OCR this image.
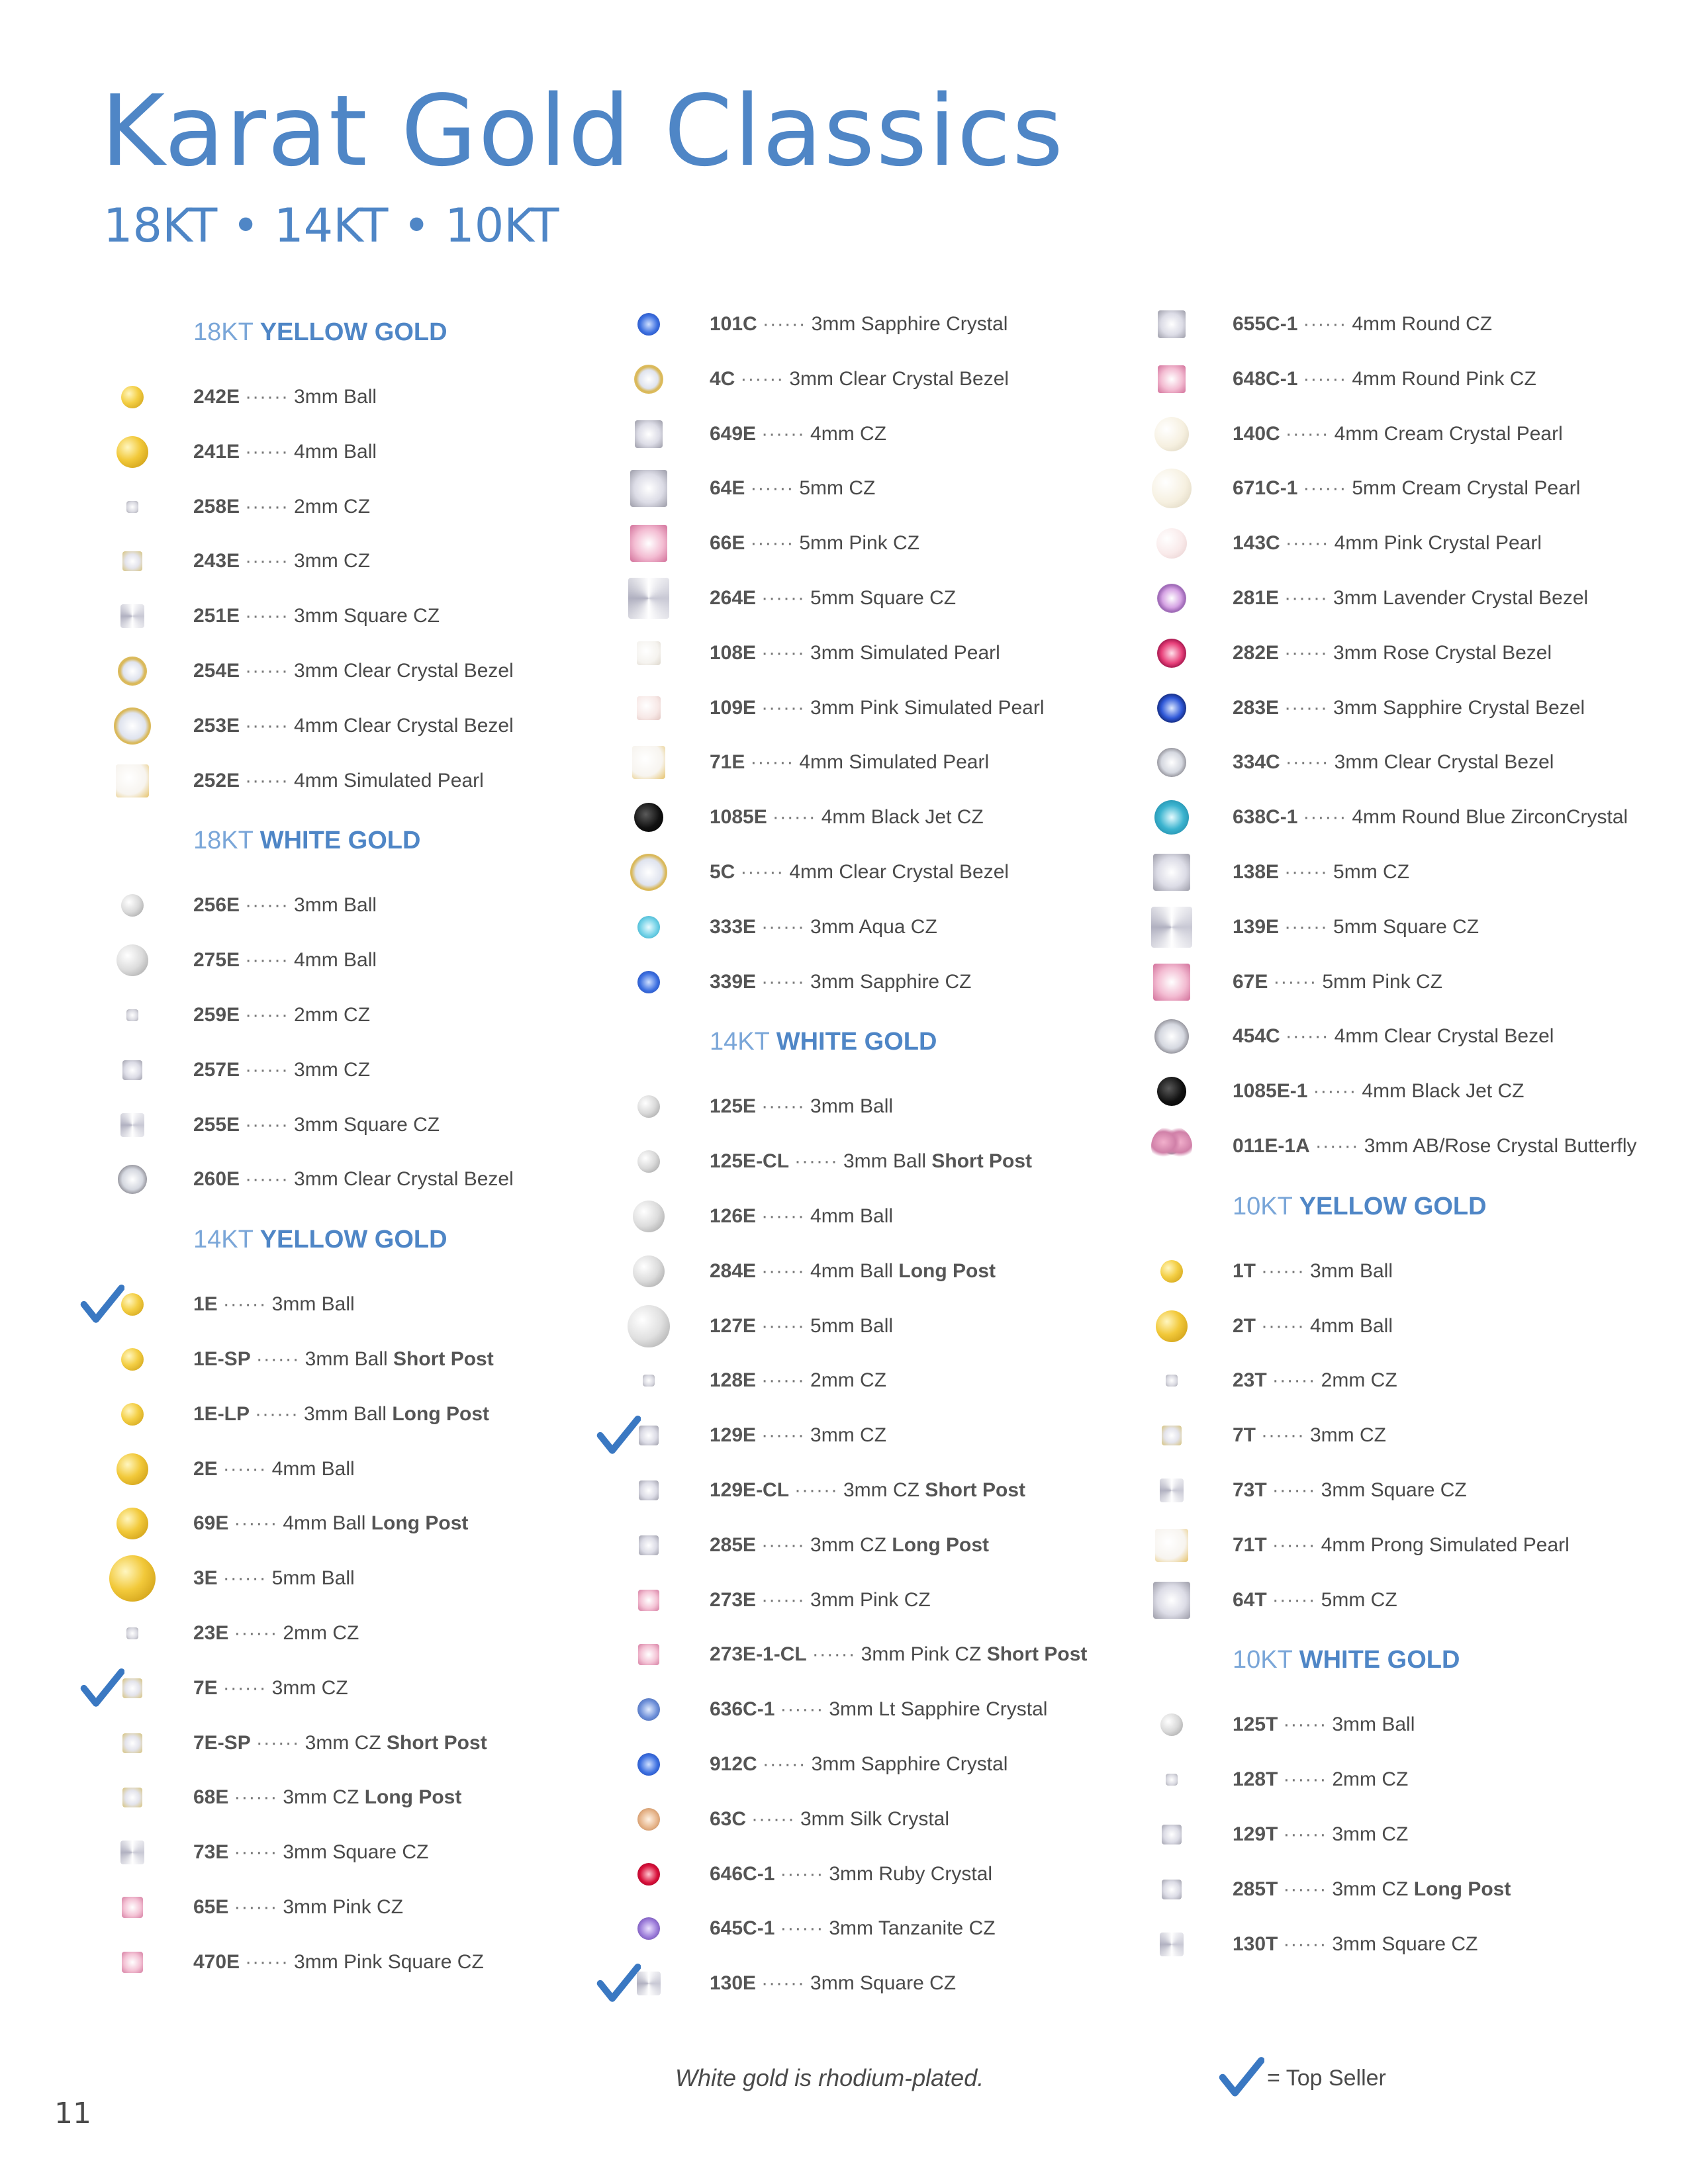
Karat Gold Classics
18KT • 14KT • 10KT
18KT YELLOW GOLD
242E ······ 3mm Ball
241E ······ 4mm Ball
258E ······ 2mm CZ
243E ······ 3mm CZ
251E ······ 3mm Square CZ
254E ······ 3mm Clear Crystal Bezel
253E ······ 4mm Clear Crystal Bezel
252E ······ 4mm Simulated Pearl
18KT WHITE GOLD
256E ······ 3mm Ball
275E ······ 4mm Ball
259E ······ 2mm CZ
257E ······ 3mm CZ
255E ······ 3mm Square CZ
260E ······ 3mm Clear Crystal Bezel
14KT YELLOW GOLD
1E ······ 3mm Ball
1E-SP ······ 3mm Ball Short Post
1E-LP ······ 3mm Ball Long Post
2E ······ 4mm Ball
69E ······ 4mm Ball Long Post
3E ······ 5mm Ball
23E ······ 2mm CZ
7E ······ 3mm CZ
7E-SP ······ 3mm CZ Short Post
68E ······ 3mm CZ Long Post
73E ······ 3mm Square CZ
65E ······ 3mm Pink CZ
470E ······ 3mm Pink Square CZ
101C ······ 3mm Sapphire Crystal
4C ······ 3mm Clear Crystal Bezel
649E ······ 4mm CZ
64E ······ 5mm CZ
66E ······ 5mm Pink CZ
264E ······ 5mm Square CZ
108E ······ 3mm Simulated Pearl
109E ······ 3mm Pink Simulated Pearl
71E ······ 4mm Simulated Pearl
1085E ······ 4mm Black Jet CZ
5C ······ 4mm Clear Crystal Bezel
333E ······ 3mm Aqua CZ
339E ······ 3mm Sapphire CZ
14KT WHITE GOLD
125E ······ 3mm Ball
125E-CL ······ 3mm Ball Short Post
126E ······ 4mm Ball
284E ······ 4mm Ball Long Post
127E ······ 5mm Ball
128E ······ 2mm CZ
129E ······ 3mm CZ
129E-CL ······ 3mm CZ Short Post
285E ······ 3mm CZ Long Post
273E ······ 3mm Pink CZ
273E-1-CL ······ 3mm Pink CZ Short Post
636C-1 ······ 3mm Lt Sapphire Crystal
912C ······ 3mm Sapphire Crystal
63C ······ 3mm Silk Crystal
646C-1 ······ 3mm Ruby Crystal
645C-1 ······ 3mm Tanzanite CZ
130E ······ 3mm Square CZ
655C-1 ······ 4mm Round CZ
648C-1 ······ 4mm Round Pink CZ
140C ······ 4mm Cream Crystal Pearl
671C-1 ······ 5mm Cream Crystal Pearl
143C ······ 4mm Pink Crystal Pearl
281E ······ 3mm Lavender Crystal Bezel
282E ······ 3mm Rose Crystal Bezel
283E ······ 3mm Sapphire Crystal Bezel
334C ······ 3mm Clear Crystal Bezel
638C-1 ······ 4mm Round Blue ZirconCrystal
138E ······ 5mm CZ
139E ······ 5mm Square CZ
67E ······ 5mm Pink CZ
454C ······ 4mm Clear Crystal Bezel
1085E-1 ······ 4mm Black Jet CZ
011E-1A ······ 3mm AB/Rose Crystal Butterfly
10KT YELLOW GOLD
1T ······ 3mm Ball
2T ······ 4mm Ball
23T ······ 2mm CZ
7T ······ 3mm CZ
73T ······ 3mm Square CZ
71T ······ 4mm Prong Simulated Pearl
64T ······ 5mm CZ
10KT WHITE GOLD
125T ······ 3mm Ball
128T ······ 2mm CZ
129T ······ 3mm CZ
285T ······ 3mm CZ Long Post
130T ······ 3mm Square CZ

White gold is rhodium-plated.	= Top Seller
11
